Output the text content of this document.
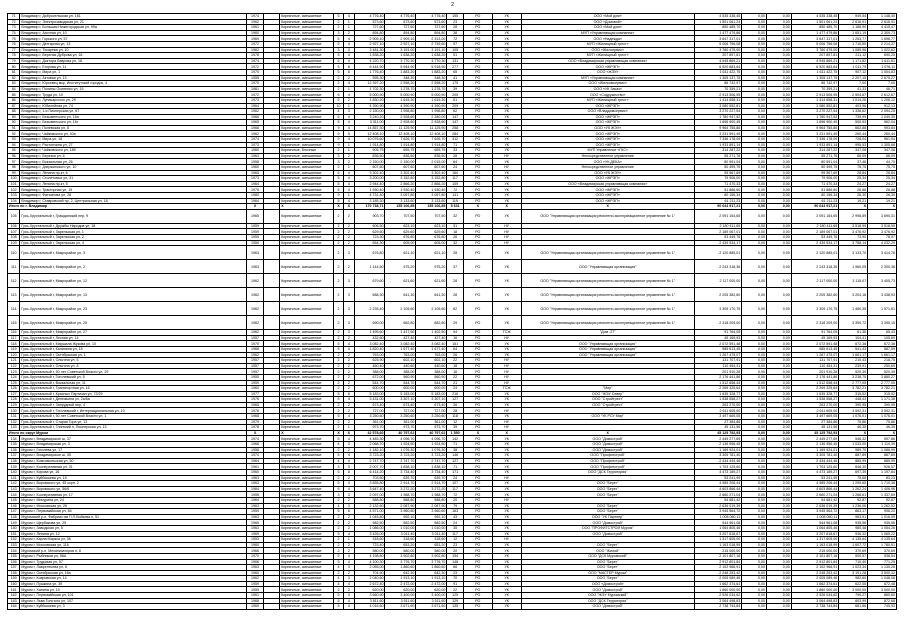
2
71	Владимир г, Добросельская ул, 161	1974		Кирпичные, смешанные	5	4	4 776,40	4 776,40	4 776,40	155	РО	УК	ООО «Мой дом»	4 535 338,45	0,00	0,00	4 535 338,45	949,54	1 148,40
72	Владимир г, Электрозаводская ул, 21	1962		Кирпичные, смешанные	2	1	573,60	573,60	573,60	23	РО	УК	ООО «Домовой»	1 501 061,24	0,00	0,00	1 501 061,24	2 616,91	2 616,91
73	Владимир г, Большая Нижегородская ул, 99а	1961		Кирпичные, смешанные	2	1	727,60	727,60	727,60	28	РО	УК	ООО «Мой дом»	850 485,70	0,00	0,00	850 485,70	1 168,90	4 415,47
74	Владимир г, Азотная ул, 10	1960		Кирпичные, смешанные	3	2	894,80	894,80	894,80	38	РО	УК	МУП «Управляющая компания»	1 477 479,86	0,00	0,00	1 477 479,86	1 651,19	2 309,73
75	Владимир г, Горького ул, 57	1969		Кирпичные, смешанные	5	4	2 909,10	2 909,10	2 313,00	72	РО	УК	ООО «Надежда»	3 647 317,01	0,00	0,00	3 647 317,01	1 253,77	1 696,77
76	Владимир г, Дегтярная ул, 13	1972		Кирпичные, смешанные	5	4	2 927,10	2 927,10	2 739,60	97	РО	УК	МУП «Жилищный трест»	5 006 796,08	0,00	0,00	5 006 796,08	1 710,50	2 214,37
77	Владимир г, Токарева ул, 10	1962		Кирпичные, смешанные	3	3	3 481,30	3 191,00	3 191,10	105	РО	УК	ООО «Жилсервис»	3 780 475,00	0,00	0,00	3 780 475,00	1 085,96	1 022,62
78	Владимир г, Верхняя Дуброва ул, 18	1978		Кирпичные, смешанные	5	4	1 638,20	1 638,20	1 638,20	51	РО	УК	МУП «Жилищный трест»	207 897,81	0,00	0,00	207 897,81	211,12	690,25
79	Владимир г, Доктора Лаврова ул, 18	1974		Кирпичные, смешанные	5	4	4 220,70	3 770,30	3 770,30	131	РО	УК	ООО «Владимирская управляющая компания»	4 945 869,21	0,00	0,00	4 945 869,21	1 171,82	1 611,61
80	Владимир г, Егорова ул, 11	1972		Кирпичные, смешанные	5	8	6 444,90	5 944,90	5 918,90	277	РО	УК	ООО «ЖРЭП»	6 520 883,64	0,00	0,00	6 520 883,64	1 011,79	1 076,11
81	Владимир г, Мира ул, 1	1970		Кирпичные, смешанные	5	6	1 776,40	1 883,20	1 883,20	65	РО	УК	ООО «ЖЭУ»	1 611 422,75	0,00	0,00	1 611 422,75	907,12	1 004,83
82	Владимир г, Актовая ул, 13	1955		Кирпичные, смешанные	2	2	595,30	348,30	348,30	41	РО	УК	МУП «Управляющая компания»	1 305 137,75	0,00	0,00	1 305 137,75	2 207,15	2 675,27
83	Владимир г, Юрьевец мкр, Институтский городок, 4	1970		Кирпичные, смешанные	2	4	12 397,20	2 598,20	2 598,20	175	РО	УК	ООО «Жилкомсервис»	86 742,97	0,00	0,00	86 742,97	7,00	7,00
84	Владимир г, Полины Осипенко ул, 15	1961		Кирпичные, смешанные	2	1	1 702,30	1 278,70	1 278,70	39	РО	УК	ООО «УК Заказ»	70 359,21	0,00	0,00	70 359,21	41,33	46,71
85	Владимир г, Труда ул, 10	1972		Кирпичные, смешанные	5	4	5 000,90	5 000,90	5 000,90	205	РО	УК	ООО «Содружество»	2 913 506,95	0,00	0,00	2 913 506,95	2 504,67	2 612,67
86	Владимир г, Луначарского ул, 29	1973		Кирпичные, смешанные	5	2	1 830,20	1 615,30	1 615,30	61	РО	УК	МУП «Жилищный трест»	1 414 658,31	0,00	0,00	1 414 658,31	1 014,26	1 206,12
87	Владимир г, Юбилейная ул, 74	1964		Кирпичные, смешанные	10	1	4 390,90	4 390,90	4 390,90	209	РО	УК	ООО «ЖРЭП»	3 080 552,81	0,00	0,00	3 080 552,81	403,96	912,13
88	Владимир г, 1-я Пионерская ул, 67	1962		Кирпичные, смешанные	4	3	2 150,00	1 998,80	1 998,80	62	РО	УК	ООО «Владдомсервис»	3 270 227,54	0,00	0,00	3 270 227,54	1 336,62	2 094,25
89	Владимир г, Безыменского ул, 16а	1966		Кирпичные, смешанные	5	4	3 240,20	2 928,60	2 280,00	147	РО	УК	ООО «ЖРЭП»	1 780 947,52	0,00	0,00	1 780 947,52	739,99	1 040,30
90	Владимир г, Безыменского ул, 16г	1965		Кирпичные, смешанные	5	4	3 311,00	2 928,60	2 928,60	147	РО	УК	ООО «ЖРЭП»	1 696 900,45	0,00	0,00	1 696 900,45	500,93	962,04
91	Владимир г, Полевская ул, 8	1968		Кирпичные, смешанные	9	4	14 857,30	11 125,90	11 125,90	258	РО	УК	ООО «УК ЖЭУ»	9 964 755,86	0,00	0,00	9 964 755,86	662,88	993,84
92	Владимир г, Чайковского ул, 40а	1962		Кирпичные, смешанные	9	5	12 408,10	12 408,10	12 408,10	284	РО	УК	ООО «ЖРЭП»	3 231 591,49	0,00	0,00	3 231 591,49	260,44	260,44
93	Владимир г, Мира ул, 18	1974		Кирпичные, смешанные	9	4	10 076,60	7 626,70	7 626,70	312	РО	УК	ООО «ЖРЭП»	7 336 178,09	0,00	0,00	7 336 178,09	728,04	961,94
94	Владимир г, Растопчина ул, 27	1973		Кирпичные, смешанные	9	1	1 914,80	1 914,80	1 914,80	71	РО	УК	ООО «ЖРЭП»	1 933 891,14	0,00	0,00	1 933 891,14	995,53	1 305,68
95	Владимир г, Чайковского ул, 18б	1960		Кирпичные, блочные	2	1	905,75	655,75	655,75	33	РО	УК	МУП Управление «ГКС»	314 287,22	0,00	0,00	314 287,22	347,08	347,08
96	Владимир г, Березки ул, 4	1963		Кирпичные, смешанные	3	2	836,50	836,50	836,50	28	РО	НУ	Непосредственное управление	55 271,76	0,00	0,00	55 271,76	66,09	66,09
97	Владимир г, Вокзальная ул, 26	1958		Кирпичные, смешанные	3	2	2 150,00	2 150,00	2 015,00	64	РО	УК	ООО «УК ДЕКА»	80 591,04	0,00	0,00	80 591,04	37,48	44,70
98	Владимир г, Дзержинского ул, 10	1960		Кирпичные, смешанные	2	1	607,60	607,60	607,60	24	РО	НУ	Непосредственное управление	50 499,75	0,00	0,00	50 499,75	75,75	75,75
99	Владимир г, Ленина пр-кт, 6	1965		Кирпичные, смешанные	5	4	3 302,40	3 302,40	3 302,40	160	РО	УК	ООО «УК ЖЭУ»	95 567,69	0,00	0,00	95 567,69	28,84	28,84
100	Владимир г, Столетовых ул, 31	1973		Кирпичные, смешанные	5	4	3 200,00	3 152,80	3 152,80	117	РО	УК	ООО «ЖРЭП»	79 906,00	0,00	0,00	79 906,00	25,34	25,34
101	Владимир г, Ленина пр-кт, 5	1964		Кирпичные, смешанные	5	4	2 944,40	2 866,20	2 866,20	109	РО	УК	ООО «Владимирская управляющая компания»	71 470,33	0,00	0,00	71 470,33	24,27	24,27
102	Владимир г, Тракторная ул, 19	1975		Кирпичные, смешанные	5	4	1 930,40	1 930,40	1 930,40	72	РО	УК	ООО «ЖРЭП»	51 886,60	0,00	0,00	51 886,60	26,88	26,88
103	Владимир г, Фатьянова ул, 28	1980		Кирпичные, смешанные	9	1	4 731,40	3 057,80	3 057,80	141	РО	УК	ООО «ЖРЭП»	80 156,34	0,00	0,00	80 156,34	26,30	26,30
104	Владимир г, Ставровский пр, 2, Центральная ул, 18	1964		Кирпичные, смешанные	5	4	3 185,30	3 133,60	3 133,60	119	РО	УК	ООО «ЖРЭП»	61 211,23	0,00	0,00	61 211,23	19,21	19,21
Итого по г. Владимир		X		X	X	X	170 738,71	155 106,85	155 106,85	5 631	X	X	X	90 644 917,21	0,00	0,00	90 644 917,21	X	X
105	Гусь-Хрустальный г, Гражданский пер, 9	1965		Кирпичные, смешанные	2	2	903,70	707,50	707,50	32	РО	УК	ООО "Управляющая организация ремонтно-эксплуатационное управление № 1"	2 091 154,65	0,00	0,00	2 091 154,65	2 998,89	3 690,31
106	Гусь-Хрустальный г, Дружбы Народов ул, 18	1959		Кирпичные, смешанные	2	2	606,50	623,10	623,10	31	РО	НУ		2 180 411,65	0,00	0,00	2 180 411,65	3 518,99	3 518,99
107	Гусь-Хрустальный г, Зарельская ул, 1	1959		Кирпичные, смешанные	2	2	629,60	629,60	629,60	18	РО	НУ		2 189 067,01	0,00	0,00	2 189 067,01	3 476,92	3 476,92
108	Гусь-Хрустальный г, Зарельская ул, 2	1959		Кирпичные, смешанные	2	2	723,30	676,80	676,80	26	РО	НУ		53 449,76	0,00	0,00	53 449,76	73,90	78,97
109	Гусь-Хрустальный г, Зарельская ул, 4	1959		Кирпичные, смешанные	2	2	654,30	605,00	605,00	32	РО	НУ		2 439 534,17	0,00	0,00	2 439 534,17	3 758,14	4 032,29
110	Гусь-Хрустальный г, Микрорайон ул, 3	1963		Кирпичные, смешанные	2	3	676,80	621,10	621,10	28	РО	УК	ООО "Управляющая организация ремонтно-эксплуатационное управление № 1"	2 120 885,01	0,00	0,00	2 120 885,01	3 133,70	3 414,76
111	Гусь-Хрустальный г, Микрорайон ул, 2	1963		Кирпичные, смешанные	2	2	1 144,50	975,20	975,20	37	РО	УК	ООО "Управляющая организация"	2 243 318,36	0,00	0,00	2 243 318,36	1 960,05	2 300,36
112	Гусь-Хрустальный г, Микрорайон ул, 12	1962		Кирпичные, смешанные	2	3	679,60	621,60	621,60	28	РО	УК	ООО "Управляющая организация ремонтно-эксплуатационное управление № 1"	2 117 000,00	0,00	0,00	2 117 000,00	3 115,07	3 405,73
113	Гусь-Хрустальный г, Микрорайон ул, 13	1962		Кирпичные, смешанные	2	3	688,30	641,30	641,30	28	РО	УК	ООО "Управляющая организация ремонтно-эксплуатационное управление № 1"	2 205 382,60	0,00	0,00	2 205 382,60	3 204,16	3 438,93
114	Гусь-Хрустальный г, Микрорайон ул, 23	1962		Кирпичные, смешанные	2	3	2 235,40	2 105,60	2 105,60	82	РО	УК	ООО "Управляющая организация ремонтно-эксплуатационное управление № 1"	3 309 170,75	0,00	0,00	3 309 170,75	1 480,35	1 571,61
115	Гусь-Хрустальный г, Микрорайон ул, 25	1962		Кирпичные, смешанные	2	3	690,00	682,80	682,80	29	РО	УК	ООО "Управляющая организация ремонтно-эксплуатационное управление № 1"	2 318 209,00	0,00	0,00	2 318 209,00	3 359,72	3 395,15
116	Гусь-Хрустальный г, Микрорайон ул, 27	1962		Кирпичные, смешанные	2	3	1 495,60	1 417,50	1 402,50	54	РО	ТСЖ	"Дом -27"	91 764,05	0,00	0,00	91 764,05	61,36	65,43
117	Гусь-Хрустальный г, Лесная ул, 14	1957		Кирпичные, смешанные	2	2	432,60	427,40	427,40	16	РО	НУ		45 169,93	0,00	0,00	45 169,93	104,41	105,69
118	Гусь-Хрустальный г, Маршала Жукова ул, 10	1970		Кирпичные, смешанные	5	4	3 082,40	3 082,40	3 082,40	151	РО	УК	ООО "Управляющая организация"	2 072 591,48	0,00	0,00	2 072 591,48	672,38	672,38
119	Гусь-Хрустальный г, Калинина ул, 15	1968		Кирпичные, смешанные	5	4	1 820,40	1 677,40	1 677,40	64	РО	УК	ООО "Управляющая организация"	985 613,45	0,00	0,00	985 613,45	541,43	587,59
120	Гусь-Хрустальный г, Октябрьская ул, 1	1962		Кирпичные, смешанные	2	2	763,00	763,00	763,00	26	РО	УК	ООО "Управляющая организация"	1 267 475,07	0,00	0,00	1 267 475,07	1 661,17	1 661,17
121	Гусь-Хрустальный г, Ольгина ул, 5	1957		Кирпичные, смешанные	2	2	625,90	602,10	602,10	22	РО	НУ		131 707,91	0,00	0,00	131 707,91	210,43	218,75
122	Гусь-Хрустальный г, Ольгина ул, 8	1957		Кирпичные, смешанные	2	2	460,40	440,60	440,60	18	РО	НУ		110 454,31	0,00	0,00	110 454,31	239,91	250,69
123	Гусь-Хрустальный г, 50 лет Советской Власти ул, 29	1957		Кирпичные, смешанные	2	2	388,00	388,00	388,00	16	РО	НУ		201 910,28	0,00	0,00	201 910,28	520,39	520,39
124	Гусь-Хрустальный г, Гоголевский ул, 5	1955		Кирпичные, смешанные	2	2	672,00	560,90	560,90	22	РО	НУ		2 176 441,86	0,00	0,00	2 176 441,86	3 238,75	3 880,27
125	Гусь-Хрустальный г, Вокзальная ул, 11	1959		Кирпичные, смешанные	2	2	544,70	544,70	544,70	21	РО	НУ		1 512 658,44	0,00	0,00	1 512 658,44	2 777,05	2 777,05
126	Гусь-Хрустальный г, Транспортная ул, 16	1960		Кирпичные, смешанные	2	2	600,00	600,00	600,00	24	РО	ТСЖ	"Мир"	2 269 325,64	0,00	0,00	2 269 325,64	3 782,21	3 782,21
127	Гусь-Хрустальный г, Красных Партизан ул, 72/29	1977		Кирпичные, смешанные	5	6	5 183,00	5 183,00	5 183,00	216	РО	УК	ООО "ЖЭУ Север"	1 635 328,77	0,00	0,00	1 635 328,77	315,52	315,52
128	Гусь-Хрустальный г, Денежкина ул, 2а/6а	1976		Кирпичные, смешанные	5	4	3 431,00	3 307,10	3 307,10	127	РО	УК	ООО "Стройтрест"	1 538 558,27	0,00	0,00	1 538 558,27	448,43	1 171,36
129	Гусь-Хрустальный г, Запрудный пер, 4	1965		Кирпичные, смешанные	2	2	673,40	673,40	673,40	26	РО	УК	ООО "Стройтрест"	263 270,00	0,00	0,00	263 270,00	390,95	390,95
130	Гусь-Хрустальный г, Гоголевский г, Интернациональная ул, 10	1976		Кирпичные, смешанные	2	2	727,00	727,00	727,00	28	РО	НУ		2 611 605,00	0,00	0,00	2 611 605,00	3 592,31	3 592,31
131	Гусь-Хрустальный г, 50 лет Советской Власти ул, 1	1968		Кирпичные, смешанные	5	4	3 250,60	3 250,60	3 250,60	118	РО	УК	ООО "УК РСУ Мир"	3 497 669,05	0,00	0,00	3 497 669,05	1 076,01	1 076,01
132	Гусь-Хрустальный г, Старая Гора ул, 13	1979		Кирпичные, смешанные	2	2	361,00	361,00	361,00	12	РО	НУ		27 384,86	0,00	0,00	27 384,86	75,86	75,86
133	Гусь-Хрустальный г, Глинский п, Пионерская ул, 13	1978		Кирпичные	2	1	973,70	973,70	973,70	39	РО	НУ		45 131,56	0,00	0,00	45 131,56	46,35	46,35
Итого по округ Муром		X		X	X	X	42 578,60	40 797,62	40 797,62	1 550	X	X	X	45 125 792,93	0,00	0,00	45 125 792,93	X	X
134	Муром г, Владимирское ш, 37	1974		Кирпичные, смешанные	5	4	4 483,30	4 096,70	4 096,70	142	РО	УК	ООО "Домострой"	2 449 277,69	0,00	0,00	2 449 277,69	546,32	597,86
135	Муром г, Владимирская ул, 3	1968		Кирпичные, смешанные	4	3	2 068,70	1 924,50	1 924,50	71	РО	УК	ООО "Домострой"	2 136 956,45	0,00	0,00	2 136 956,45	1 033,00	1 110,39
136	Муром г, Гоголева ул, 17	1958		Кирпичные, смешанные	2	2	1 182,10	1 076,30	1 076,30	38	РО	УК	ООО "Домострой"	1 169 924,01	0,00	0,00	1 169 924,01	989,70	1 086,99
137	Муром г, Владимирское ш, 45	1974		Кирпичные, смешанные	5	4	3 723,20	3 723,20	3 723,20	146	РО	УК	ООО "Профитстрой"	3 305 781,40	0,00	0,00	3 305 781,40	887,89	887,89
138	Муром г, Комсомольская ул, 50	1964		Кирпичные, смешанные	4	4	2 747,70	2 747,70	2 747,70	127	РО	УК	ООО "Профитстрой"	2 434 444,46	0,00	0,00	2 434 444,46	885,99	885,99
139	Муром г, Кооперативная ул, 31	1961		Кирпичные, смешанные	3	3	2 007,70	1 838,10	1 838,10	71	РО	УК	ООО "Профитстрой"	1 703 125,60	0,00	0,00	1 703 125,60	848,30	926,57
140	Муром г, Кирова ул, 16	1960		Кирпичные, смешанные	5	8	6 414,20	3 734,40	3 734,40	171	РО	УК	ООО "ДСК Территория"	4 473 189,27	0,00	0,00	4 473 189,27	697,39	1 197,84
141	Муром г, Куйбышева ул, 15	1963		Кирпичные, смешанные	2	2	703,50	639,70	639,70	24	РО	НУ		53 241,99	0,00	0,00	53 241,99	75,68	83,23
142	Муром г, Воровского ул, 45 корп. 2	1963		Кирпичные, смешанные	5	4	3 835,80	2 914,70	2 914,70	107	РО	УК	ООО "Берег"	4 985 206,44	0,00	0,00	4 985 206,44	1 299,65	1 710,38
143	Муром г, Воровского ул, 56/6	1964		Кирпичные, смешанные	5	4	3 647,40	3 272,20	3 272,20	117	РО	УК	ООО "Берег"	4 603 866,44	0,00	0,00	4 603 866,44	1 262,24	1 406,96
144	Муром г, Кооперативная ул, 17	1955		Кирпичные, смешанные	3	3	2 097,00	1 988,70	1 988,70	72	РО	УК	ООО "Берег"	2 660 271,04	0,00	0,00	2 660 271,04	1 268,61	1 337,69
145	Муром г, Мичурина ул, 24	1964		Кирпичные, смешанные	2	2	588,80	588,80	588,80	20	РО	НУ		54 681,42	0,00	0,00	54 681,42	92,87	92,87
146	Муром г, Московская ул, 26	1963		Кирпичные, смешанные	4	3	2 132,60	2 087,90	2 087,90	79	РО	УК	ООО "Берег"	2 636 019,39	0,00	0,00	2 636 019,39	1 236,06	1 262,52
147	Муром г, Первомайская ул, 84	1959		Кирпичные, смешанные	5	6	4 571,00	3 960,60	3 960,60	163	РО	УК	ООО "Берег"	3 945 564,72	0,00	0,00	3 945 564,72	863,17	996,20
148	Муромский р-н, Фабрики им П.П.Войкова п, 51	1963		Кирпичные, смешанные	2	2	1 045,80	992,10	992,10	43	РО	УК	ООО "УК Партнер"	1 008 060,11	0,00	0,00	1 008 060,11	963,91	1 016,09
149	Муром г, Щербакова ул, 25	1965		Кирпичные, смешанные	2	2	582,50	582,50	582,50	24	РО	УК	ООО "Домострой"	544 961,08	0,00	0,00	544 961,08	935,56	935,56
150	Муром г, Заводская ул, 5	1963		Кирпичные, смешанные	2	2	1 086,00	1 010,00	1 010,00	35	РО	УК	ООО "ПРОФИТСТРОЙ Муром"	1 064 805,46	0,00	0,00	1 064 805,46	980,48	1 054,26
151	Муром г, Ленина ул, 12	1969		Кирпичные, смешанные	5	4	3 426,00	3 011,40	3 011,40	117	РО	УК	ООО "Домострой"	3 207 818,67	0,00	0,00	3 207 818,67	936,32	1 065,22
152	Муром г, Карла Маркса ул, 36	1953		Кирпичные, смешанные	2	1	318,60	318,60	318,60	12	РО	НУ		1 317 605,00	0,00	0,00	1 317 605,00	4 135,64	4 135,64
153	Муром г, Московская ул, 116	1960		Кирпичные, смешанные	2	2	723,40	653,20	653,20	23	РО	УК	ООО "Берег"	1 163 018,99	0,00	0,00	1 163 018,99	1 607,72	1 780,51
154	Муромский р-н, Механизаторов п, 8	1966		Кирпичные, смешанные	2	2	580,00	580,00	580,00	20	РО	УК	ООО "Жилой"	215 000,00	0,00	0,00	215 000,00	370,69	370,69
155	Муром г, Рыбников ул, 58А	1970		Кирпичные, смешанные	5	4	4 198,80	3 902,80	3 902,80	154	РО	УК	ООО "ДСК Муромский"	2 101 807,16	0,00	0,00	2 101 807,16	500,57	538,54
156	Муром г, Трудовая ул, 57	1966		Кирпичные, смешанные	5	4	4 100,30	3 776,70	3 776,70	148	РО	УК	ООО "Берег"	2 912 801,84	0,00	0,00	2 912 801,84	710,40	771,25
157	Муром г, Лаврентьева ул, 6	1963		Кирпичные, смешанные	4	3	2 055,00	1 860,60	1 860,60	68	РО	УК	ООО "Берег"	2 102 966,91	0,00	0,00	2 102 966,91	1 023,34	1 130,26
158	Муром г, Октябрьская ул, 18а	1960		Кирпичные, смешанные	2	2	704,50	642,30	642,30	23	РО	УК	ООО "МАСТЕР Муром"	2 248 253,42	0,00	0,00	2 248 253,42	3 191,28	3 500,32
159	Муром г, Ковровская ул, 14	1962		Кирпичные, смешанные	4	3	2 040,60	1 913,10	1 913,10	70	РО	УК	ООО "Берег"	2 005 089,46	0,00	0,00	2 005 089,46	982,60	1 048,08
160	Муром г, Пушкина ул, 39	1959		Кирпичные, смешанные	4	4	2 672,40	2 472,00	2 472,00	91	РО	УК	ООО «Домострой»	1 662 374,61	0,00	0,00	1 662 374,61	622,05	672,48
161	Муром г, Ханина ул, 19	1955		Кирпичные, смешанные	2	2	620,00	620,00	620,00	22	РО	УК	ООО "Домострой"	1 860 000,00	0,00	0,00	1 860 000,00	3 000,00	3 000,00
162	Муром г, Первомайская ул, 101	1961		Кирпичные, смешанные	5	4	3 660,90	3 400,00	3 400,00	125	РО	УК	ООО "ЖЭУ Муромский"	2 926 034,62	0,00	0,00	2 926 034,62	799,27	860,60
163	Муром г, Льва Толстого ул, 107	1968		Кирпичные, смешанные	5	4	3 811,60	3 511,60	3 511,60	129	РО	УК	ООО "ДСК Территория"	3 064 498,83	0,00	0,00	3 064 498,83	803,99	872,68
164	Муром г, Куйбышева ул, 3	1969		Кирпичные, смешанные	5	4	4 016,60	3 671,60	3 671,60	135	РО	УК	ООО "Домострой"	2 738 744,84	0,00	0,00	2 738 744,84	681,86	745,93
